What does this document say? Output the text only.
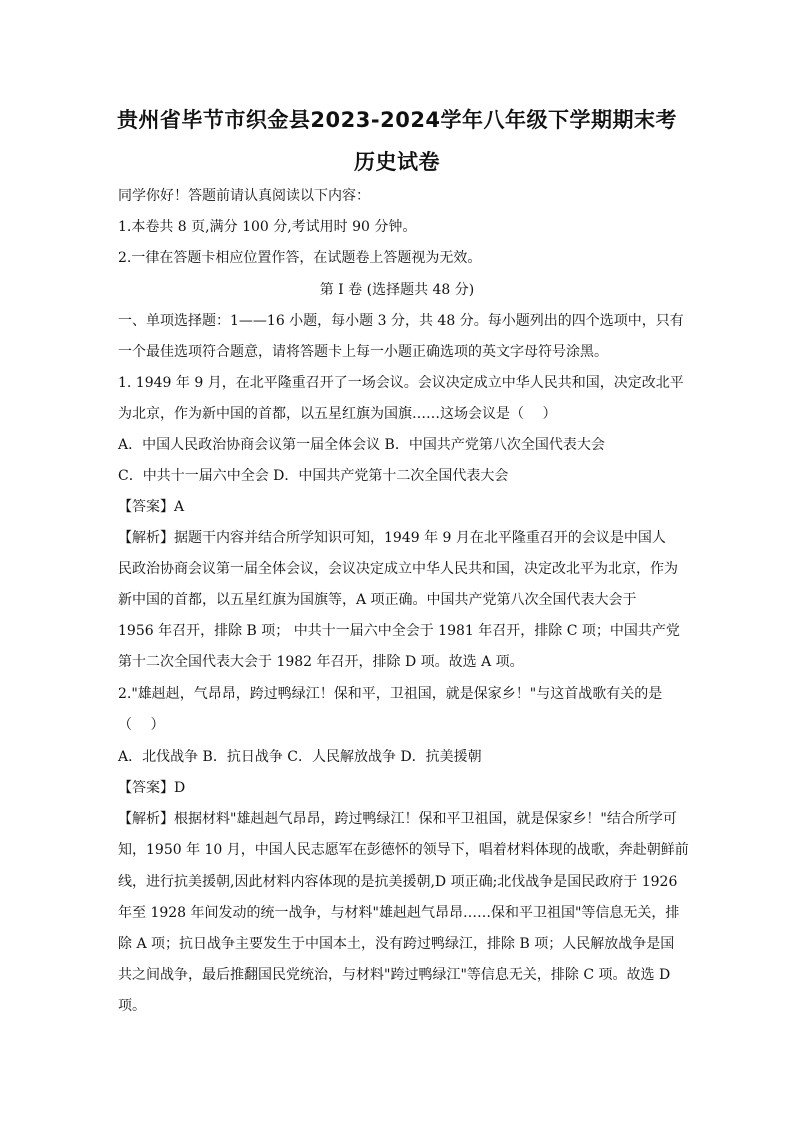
贵州省毕节市织金县2023-2024学年八年级下学期期末考
历史试卷
同学你好！答题前请认真阅读以下内容：
1.本卷共 8 页,满分 100 分,考试用时 90 分钟。
2.一律在答题卡相应位置作答，在试题卷上答题视为无效。
第 I 卷 (选择题共 48 分)
一、单项选择题：1——16 小题，每小题 3 分，共 48 分。每小题列出的四个选项中，只有
一个最佳选项符合题意，请将答题卡上每一小题正确选项的英文字母符号涂黑。
1. 1949 年 9 月，在北平隆重召开了一场会议。会议决定成立中华人民共和国，决定改北平
为北京，作为新中国的首都，以五星红旗为国旗……这场会议是（　 ）
A．中国人民政治协商会议第一届全体会议 B．中国共产党第八次全国代表大会
C．中共十一届六中全会 D．中国共产党第十二次全国代表大会
【答案】A
【解析】据题干内容并结合所学知识可知，1949 年 9 月在北平隆重召开的会议是中国人
民政治协商会议第一届全体会议，会议决定成立中华人民共和国，决定改北平为北京，作为
新中国的首都，以五星红旗为国旗等，A 项正确。中国共产党第八次全国代表大会于
1956 年召开，排除 B 项； 中共十一届六中全会于 1981 年召开，排除 C 项；中国共产党
第十二次全国代表大会于 1982 年召开，排除 D 项。故选 A 项。
2."雄赳赳，气昂昂，跨过鸭绿江！保和平，卫祖国，就是保家乡！"与这首战歌有关的是
（　 ）
A．北伐战争 B．抗日战争 C．人民解放战争 D．抗美援朝
【答案】D
【解析】根据材料"雄赳赳气昂昂，跨过鸭绿江！保和平卫祖国，就是保家乡！"结合所学可
知，1950 年 10 月，中国人民志愿军在彭德怀的领导下，唱着材料体现的战歌，奔赴朝鲜前
线，进行抗美援朝,因此材料内容体现的是抗美援朝,D 项正确;北伐战争是国民政府于 1926
年至 1928 年间发动的统一战争，与材料"雄赳赳气昂昂……保和平卫祖国"等信息无关，排
除 A 项；抗日战争主要发生于中国本土，没有跨过鸭绿江，排除 B 项；人民解放战争是国
共之间战争，最后推翻国民党统治，与材料"跨过鸭绿江"等信息无关，排除 C 项。故选 D
项。
